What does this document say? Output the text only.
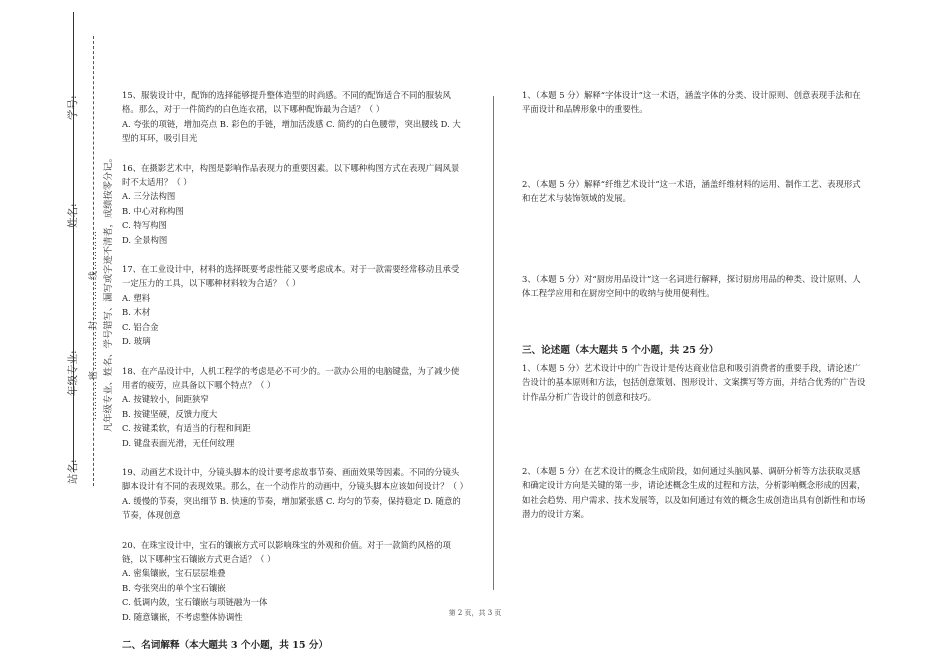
学号:
姓名:
年级专业:
站名:
…………密…………封…………线………… 凡年级专业、姓名、学号错写、漏写或字迹不清者，成绩按零分记。

15、服装设计中，配饰的选择能够提升整体造型的时尚感。不同的配饰适合不同的服装风格。那么，对于一件简约的白色连衣裙，以下哪种配饰最为合适？（ ）

A. 夸张的项链，增加亮点 B. 彩色的手链，增加活泼感 C. 简约的白色腰带，突出腰线 D. 大型的耳环，吸引目光

16、在摄影艺术中，构图是影响作品表现力的重要因素。以下哪种构图方式在表现广阔风景时不太适用？（ ）

A. 三分法构图

B. 中心对称构图

C. 特写构图

D. 全景构图

17、在工业设计中，材料的选择既要考虑性能又要考虑成本。对于一款需要经常移动且承受一定压力的工具，以下哪种材料较为合适？（ ）

A. 塑料

B. 木材

C. 铝合金

D. 玻璃

18、在产品设计中，人机工程学的考虑是必不可少的。一款办公用的电脑键盘，为了减少使用者的疲劳，应具备以下哪个特点？（ ）

A. 按键较小，间距狭窄

B. 按键坚硬，反馈力度大

C. 按键柔软，有适当的行程和间距

D. 键盘表面光滑，无任何纹理

19、动画艺术设计中，分镜头脚本的设计要考虑故事节奏、画面效果等因素。不同的分镜头脚本设计有不同的表现效果。那么，在一个动作片的动画中，分镜头脚本应该如何设计？（ ）

A. 缓慢的节奏，突出细节 B. 快速的节奏，增加紧张感 C. 均匀的节奏，保持稳定 D. 随意的节奏，体现创意

20、在珠宝设计中，宝石的镶嵌方式可以影响珠宝的外观和价值。对于一款简约风格的项链，以下哪种宝石镶嵌方式更合适？（ ）

A. 密集镶嵌，宝石层层堆叠

B. 夸张突出的单个宝石镶嵌

C. 低调内敛，宝石镶嵌与项链融为一体

D. 随意镶嵌，不考虑整体协调性

二、名词解释（本大题共 3 个小题，共 15 分）

1、（本题 5 分）解释“字体设计”这一术语，涵盖字体的分类、设计原则、创意表现手法和在平面设计和品牌形象中的重要性。

2、（本题 5 分）解释“纤维艺术设计”这一术语，涵盖纤维材料的运用、制作工艺、表现形式和在艺术与装饰领域的发展。

3、（本题 5 分）对“厨房用品设计”这一名词进行解释，探讨厨房用品的种类、设计原则、人体工程学应用和在厨房空间中的收纳与使用便利性。

三、论述题（本大题共 5 个小题，共 25 分）

1、（本题 5 分）艺术设计中的广告设计是传达商业信息和吸引消费者的重要手段，请论述广告设计的基本原则和方法，包括创意策划、图形设计、文案撰写等方面，并结合优秀的广告设计作品分析广告设计的创意和技巧。

2、（本题 5 分）在艺术设计的概念生成阶段，如何通过头脑风暴、调研分析等方法获取灵感和确定设计方向是关键的第一步，请论述概念生成的过程和方法，分析影响概念形成的因素，如社会趋势、用户需求、技术发展等，以及如何通过有效的概念生成创造出具有创新性和市场潜力的设计方案。

第 2 页，共 3 页
